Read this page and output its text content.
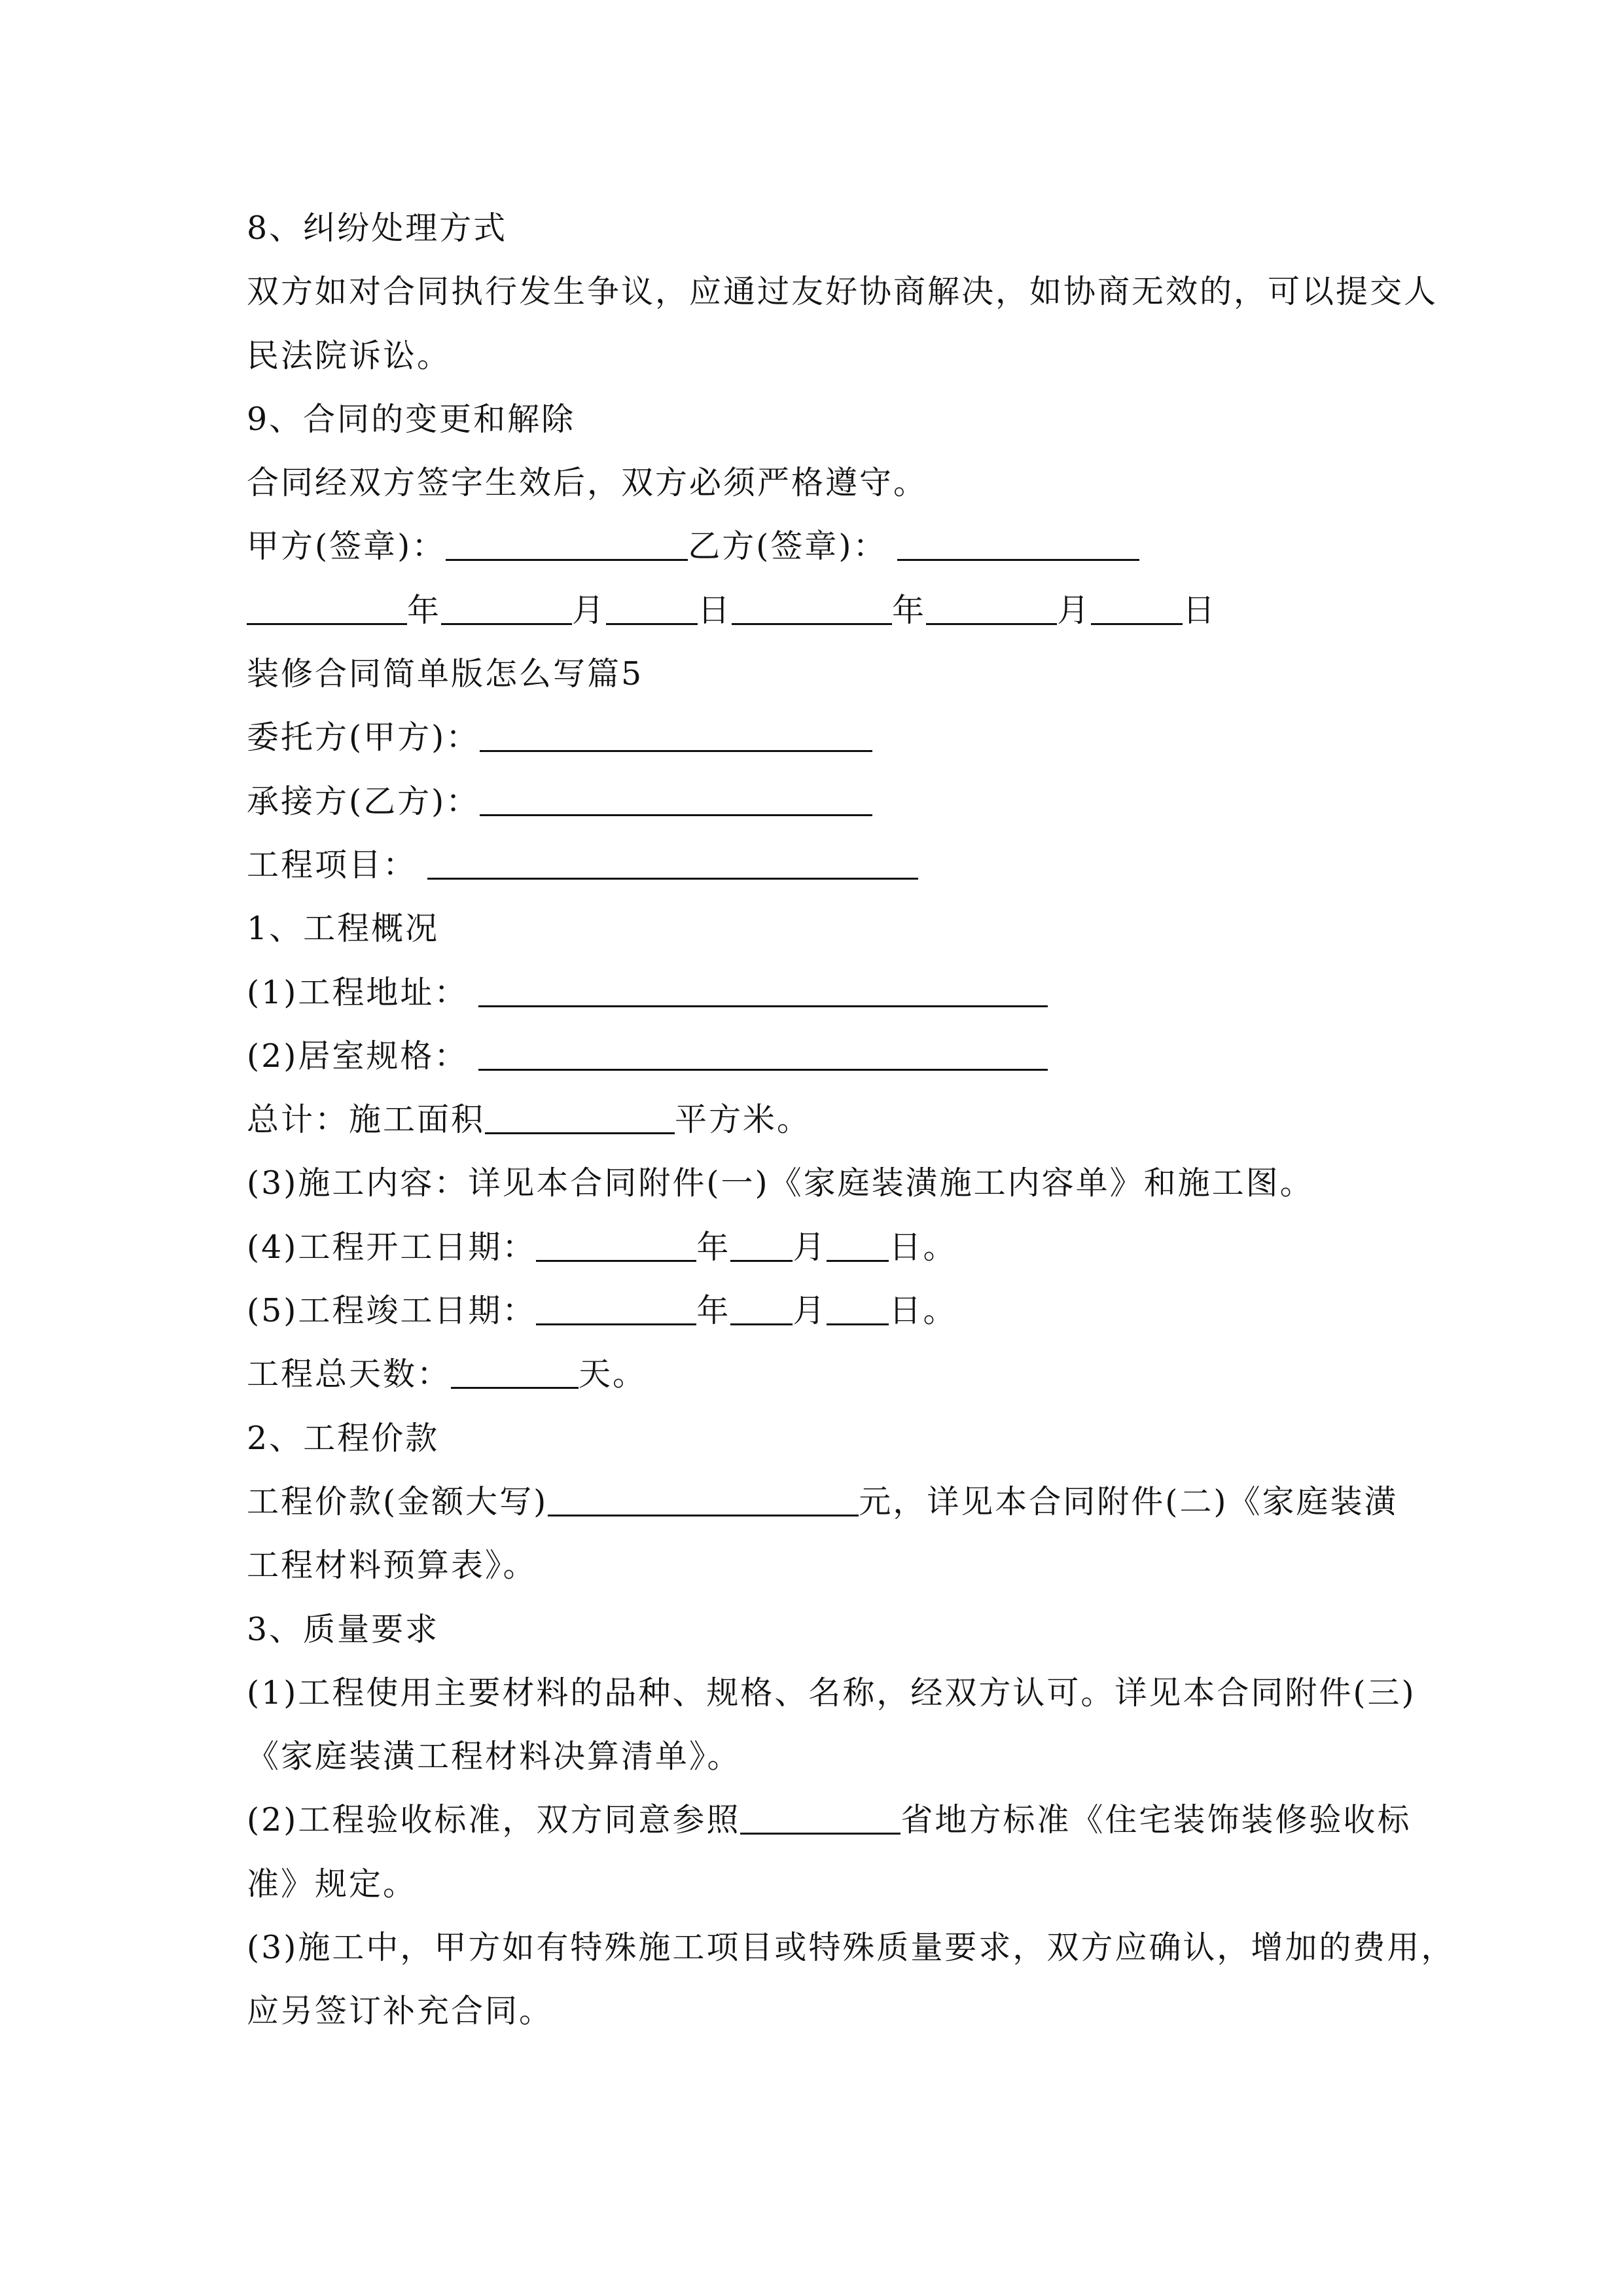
8、纠纷处理方式
双方如对合同执行发生争议，应通过友好协商解决，如协商无效的，可以提交人
民法院诉讼。
9、合同的变更和解除
合同经双方签字生效后，双方必须严格遵守。
甲方(签章)：	乙方(签章)：
年	月	日	年	月	日
装修合同简单版怎么写篇5
委托方(甲方)：
承接方(乙方)：
工程项目：
1、工程概况
(1)工程地址：
(2)居室规格：
总计：施工面积	平方米。
(3)施工内容：详见本合同附件(一)《家庭装潢施工内容单》和施工图。
(4)工程开工日期：	年 月 日。
(5)工程竣工日期：	年 月 日。
工程总天数：	天。
2、工程价款
工程价款(金额大写)	元，详见本合同附件(二)《家庭装潢
工程材料预算表》。
3、质量要求
(1)工程使用主要材料的品种、规格、名称，经双方认可。详见本合同附件(三)
《家庭装潢工程材料决算清单》。
(2)工程验收标准，双方同意参照	省地方标准《住宅装饰装修验收标
准》规定。
(3)施工中，甲方如有特殊施工项目或特殊质量要求，双方应确认，增加的费用，
应另签订补充合同。
